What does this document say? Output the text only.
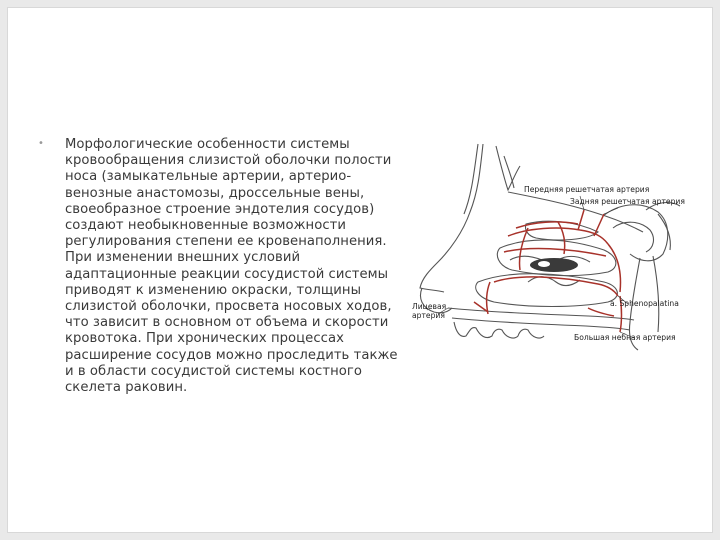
• Морфологические особенности системы кровообращения слизистой оболочки полости носа (замыкательные артерии, артерио-венозные анастомозы, дроссельные вены, своеобразное строение эндотелия сосудов) создают необыкновенные возможности регулирования степени ее кровенаполнения. При изменении внешних условий адаптационные реакции сосудистой системы приводят к изменению окраски, толщины слизистой оболочки, просвета носовых ходов, что зависит в основном от объема и скорости кровотока. При хронических процессах расширение сосудов можно проследить также и в области сосудистой системы костного скелета раковин.
Передняя решетчатая артерия
Задняя решетчатая артерия
Лицевая
артерия
a. Sphenopalatina
Большая небная артерия
